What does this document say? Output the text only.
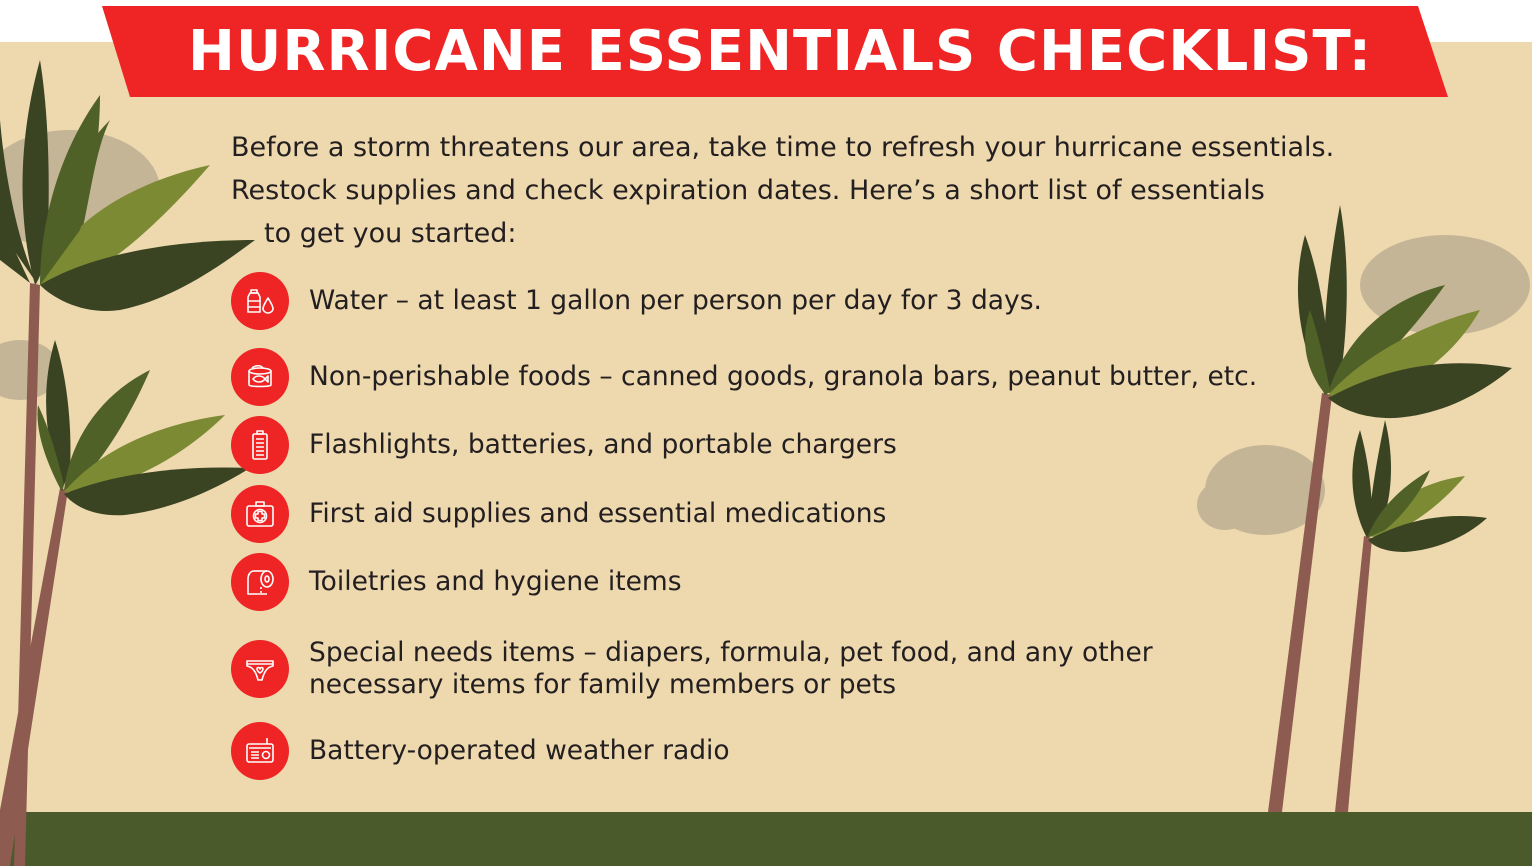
HURRICANE ESSENTIALS CHECKLIST:

Before a storm threatens our area, take time to refresh your hurricane essentials.
Restock supplies and check expiration dates. Here’s a short list of essentials
to get you started:

Water – at least 1 gallon per person per day for 3 days.
Non-perishable foods – canned goods, granola bars, peanut butter, etc.
Flashlights, batteries, and portable chargers
First aid supplies and essential medications
Toiletries and hygiene items
Special needs items – diapers, formula, pet food, and any other
necessary items for family members or pets
Battery-operated weather radio
